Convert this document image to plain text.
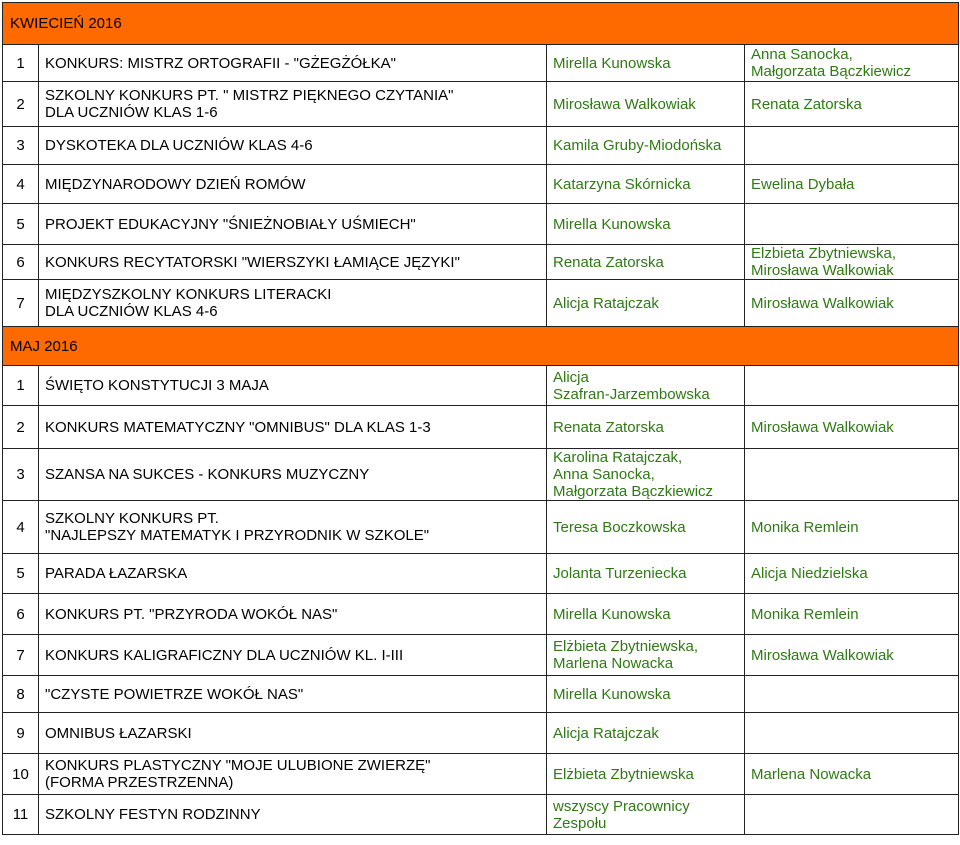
KWIECIEŃ 2016			
1	KONKURS: MISTRZ ORTOGRAFII - "GŻEGŻÓŁKA"	Mirella Kunowska	Anna Sanocka,
Małgorzata Bączkiewicz

2	SZKOLNY KONKURS PT. " MISTRZ PIĘKNEGO CZYTANIA"
DLA UCZNIÓW KLAS 1-6	Mirosława Walkowiak	Renata Zatorska

3	DYSKOTEKA DLA UCZNIÓW KLAS 4-6	Kamila Gruby-Miodońska	

4	MIĘDZYNARODOWY DZIEŃ ROMÓW	Katarzyna Skórnicka	Ewelina Dybała

5	PROJEKT EDUKACYJNY "ŚNIEŻNOBIAŁY UŚMIECH"	Mirella Kunowska	

6	KONKURS RECYTATORSKI "WIERSZYKI ŁAMIĄCE JĘZYKI"	Renata Zatorska	Elzbieta Zbytniewska,
Mirosława Walkowiak

7	MIĘDZYSZKOLNY KONKURS LITERACKI
DLA UCZNIÓW KLAS 4-6	Alicja Ratajczak	Mirosława Walkowiak

MAJ 2016			
1	ŚWIĘTO KONSTYTUCJI 3 MAJA	Alicja
Szafran-Jarzembowska	

2	KONKURS MATEMATYCZNY "OMNIBUS" DLA KLAS 1-3	Renata Zatorska	Mirosława Walkowiak

3	SZANSA NA SUKCES - KONKURS MUZYCZNY	Karolina Ratajczak,
Anna Sanocka,
Małgorzata Bączkiewicz	

4	SZKOLNY KONKURS PT.
"NAJLEPSZY MATEMATYK I PRZYRODNIK W SZKOLE"	Teresa Boczkowska	Monika Remlein

5	PARADA ŁAZARSKA	Jolanta Turzeniecka	Alicja Niedzielska

6	KONKURS PT. "PRZYRODA WOKÓŁ NAS"	Mirella Kunowska	Monika Remlein

7	KONKURS KALIGRAFICZNY DLA UCZNIÓW KL. I-III	Elżbieta Zbytniewska,
Marlena Nowacka	Mirosława Walkowiak

8	"CZYSTE POWIETRZE WOKÓŁ NAS"	Mirella Kunowska	

9	OMNIBUS ŁAZARSKI	Alicja Ratajczak	

10	KONKURS PLASTYCZNY "MOJE ULUBIONE ZWIERZĘ"
(FORMA PRZESTRZENNA)	Elżbieta Zbytniewska	Marlena Nowacka

11	SZKOLNY FESTYN RODZINNY	wszyscy Pracownicy
Zespołu	
